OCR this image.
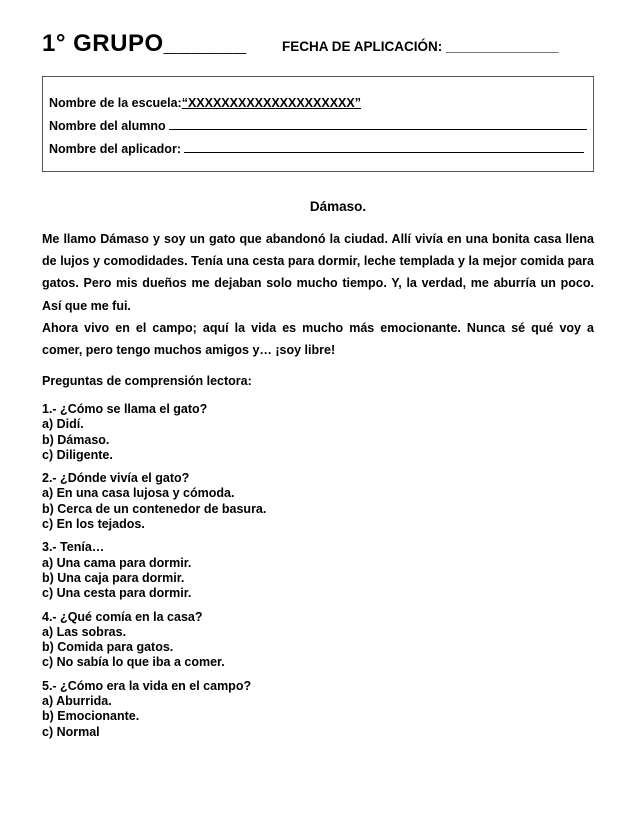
1° GRUPO______	FECHA DE APLICACIÓN: _______________
Nombre de la escuela:“XXXXXXXXXXXXXXXXXXXX”
Nombre del alumno
Nombre del aplicador:
Dámaso.

Me llamo Dámaso y soy un gato que abandonó la ciudad. Allí vivía en una bonita casa llena de lujos y comodidades. Tenía una cesta para dormir, leche templada y la mejor comida para gatos. Pero mis dueños me dejaban solo mucho tiempo. Y, la verdad, me aburría un poco. Así que me fui.

Ahora vivo en el campo; aquí la vida es mucho más emocionante. Nunca sé qué voy a comer, pero tengo muchos amigos y… ¡soy libre!

Preguntas de comprensión lectora:
1.- ¿Cómo se llama el gato?
a) Didí.
b) Dámaso.
c) Diligente.
2.- ¿Dónde vivía el gato?
a) En una casa lujosa y cómoda.
b) Cerca de un contenedor de basura.
c) En los tejados.
3.- Tenía…
a) Una cama para dormir.
b) Una caja para dormir.
c) Una cesta para dormir.
4.- ¿Qué comía en la casa?
a) Las sobras.
b) Comida para gatos.
c) No sabía lo que iba a comer.
5.- ¿Cómo era la vida en el campo?
a) Aburrida.
b) Emocionante.
c) Normal
